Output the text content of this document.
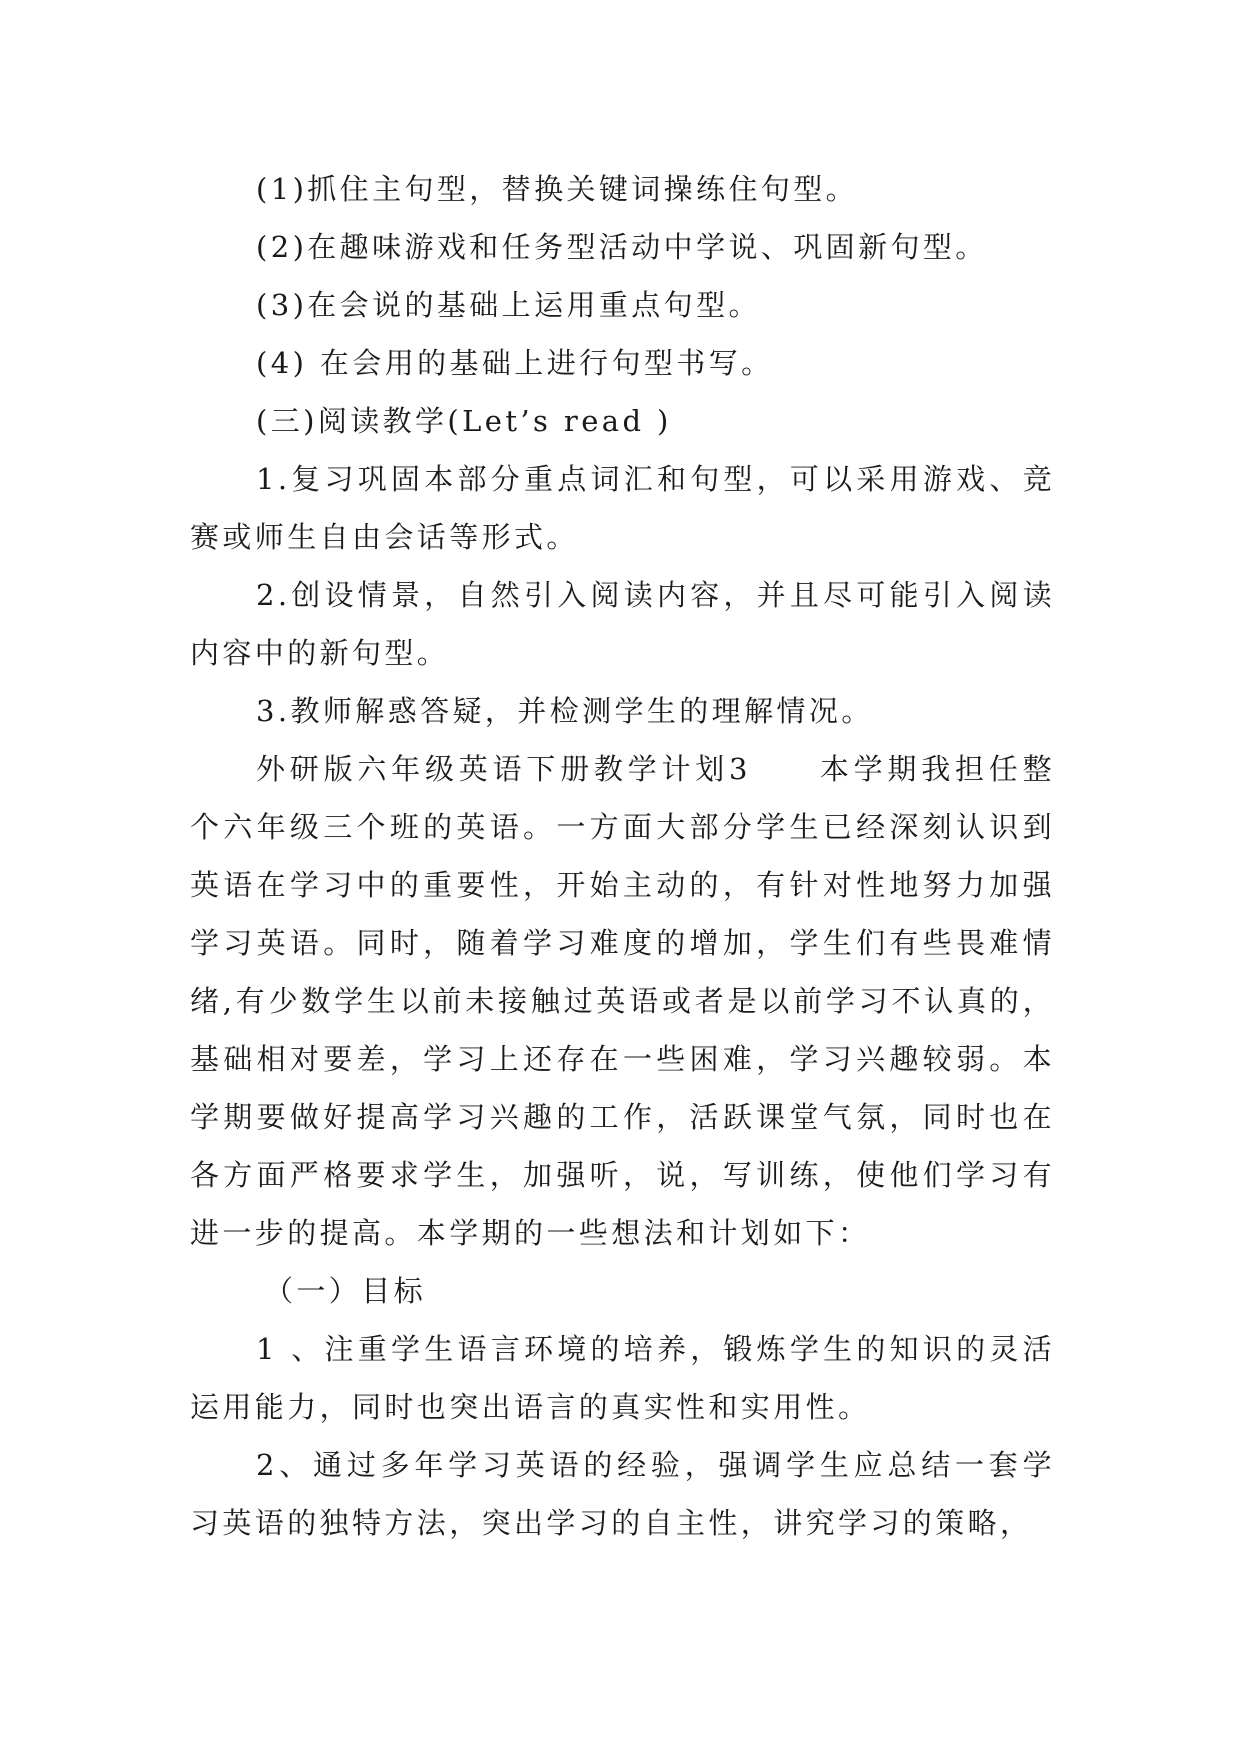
(1)抓住主句型，替换关键词操练住句型。

(2)在趣味游戏和任务型活动中学说、巩固新句型。

(3)在会说的基础上运用重点句型。

(4) 在会用的基础上进行句型书写。

(三)阅读教学(Let’s read )

1.复习巩固本部分重点词汇和句型，可以采用游戏、竞赛或师生自由会话等形式。

2.创设情景，自然引入阅读内容，并且尽可能引入阅读内容中的新句型。

3.教师解惑答疑，并检测学生的理解情况。

外研版六年级英语下册教学计划3　　本学期我担任整个六年级三个班的英语。一方面大部分学生已经深刻认识到英语在学习中的重要性，开始主动的，有针对性地努力加强学习英语。同时，随着学习难度的增加，学生们有些畏难情绪,有少数学生以前未接触过英语或者是以前学习不认真的，基础相对要差，学习上还存在一些困难，学习兴趣较弱。本学期要做好提高学习兴趣的工作，活跃课堂气氛，同时也在各方面严格要求学生，加强听，说，写训练，使他们学习有进一步的提高。本学期的一些想法和计划如下：

（一）目标

1 、注重学生语言环境的培养，锻炼学生的知识的灵活运用能力，同时也突出语言的真实性和实用性。

2、通过多年学习英语的经验，强调学生应总结一套学习英语的独特方法，突出学习的自主性，讲究学习的策略，
